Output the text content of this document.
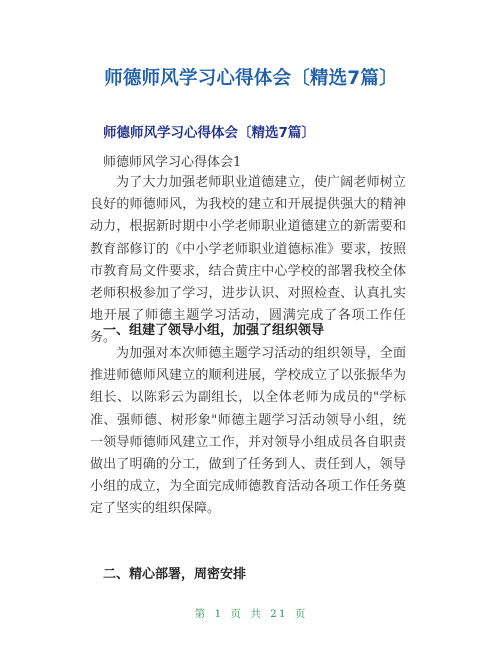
师德师风学习心得体会〔精选7篇〕
师德师风学习心得体会〔精选7篇〕

师德师风学习心得体会1

为了大力加强老师职业道德建立，使广阔老师树立良好的师德师风，为我校的建立和开展提供强大的精神动力，根据新时期中小学老师职业道德建立的新需要和教育部修订的《中小学老师职业道德标准》要求，按照市教育局文件要求，结合黄庄中心学校的部署我校全体老师积极参加了学习，进步认识、对照检查、认真扎实地开展了师德主题学习活动，圆满完成了各项工作任务。

一、组建了领导小组，加强了组织领导

为加强对本次师德主题学习活动的组织领导，全面推进师德师风建立的顺利进展，学校成立了以张振华为组长、以陈彩云为副组长，以全体老师为成员的"学标准、强师德、树形象"师德主题学习活动领导小组，统一领导师德师风建立工作，并对领导小组成员各自职责做出了明确的分工，做到了任务到人、责任到人，领导小组的成立，为全面完成师德教育活动各项工作任务奠定了坚实的组织保障。

二、精心部署，周密安排

第 1 页 共 21 页
